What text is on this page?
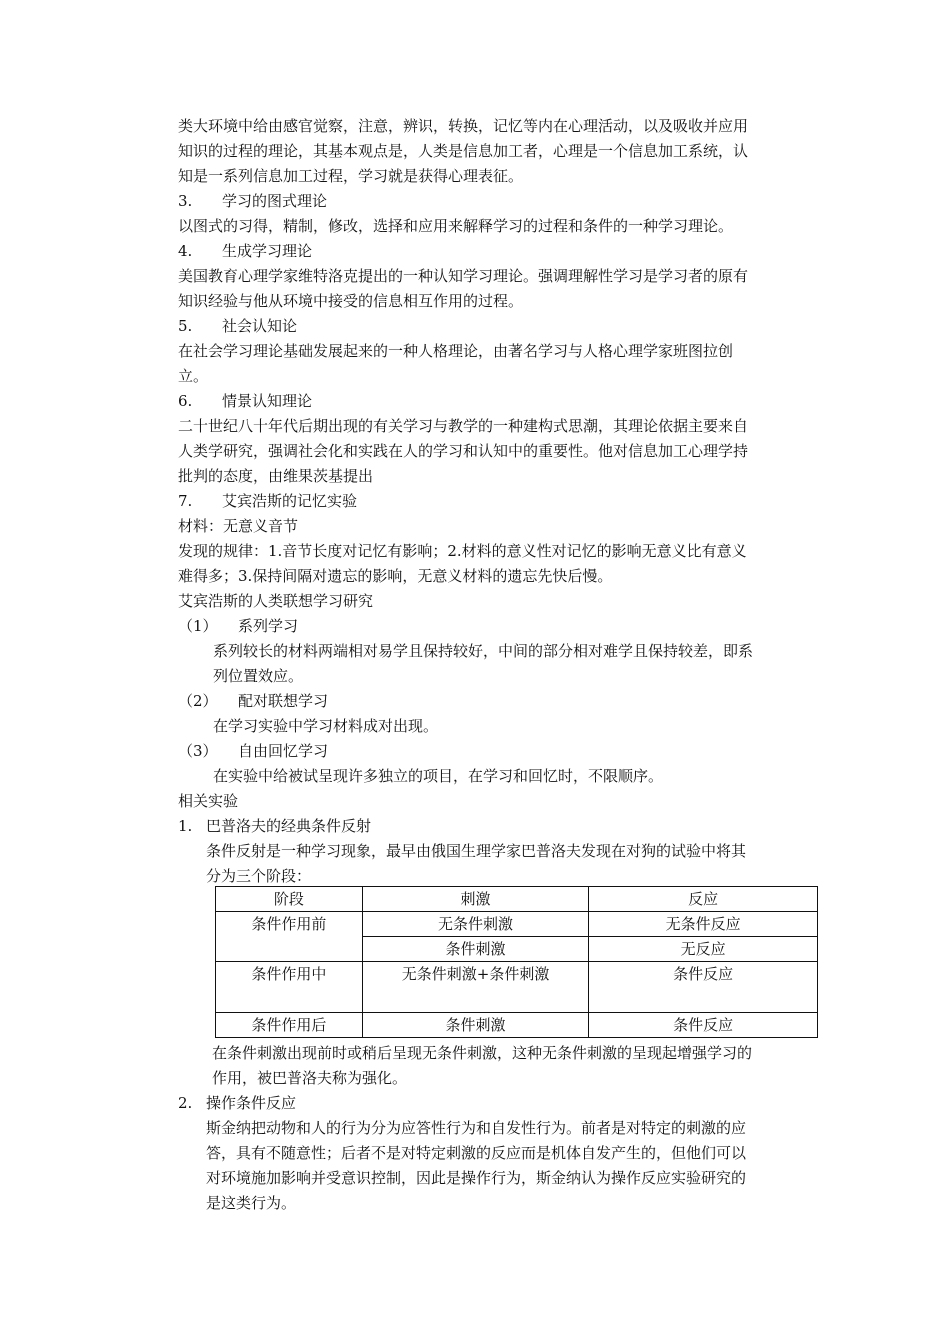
类大环境中给由感官觉察，注意，辨识，转换，记忆等内在心理活动，以及吸收并应用
知识的过程的理论，其基本观点是，人类是信息加工者，心理是一个信息加工系统，认
知是一系列信息加工过程，学习就是获得心理表征。
3. 学习的图式理论
以图式的习得，精制，修改，选择和应用来解释学习的过程和条件的一种学习理论。
4. 生成学习理论
美国教育心理学家维特洛克提出的一种认知学习理论。强调理解性学习是学习者的原有
知识经验与他从环境中接受的信息相互作用的过程。
5. 社会认知论
在社会学习理论基础发展起来的一种人格理论，由著名学习与人格心理学家班图拉创
立。
6. 情景认知理论
二十世纪八十年代后期出现的有关学习与教学的一种建构式思潮，其理论依据主要来自
人类学研究，强调社会化和实践在人的学习和认知中的重要性。他对信息加工心理学持
批判的态度，由维果茨基提出
7. 艾宾浩斯的记忆实验
材料：无意义音节
发现的规律：1.音节长度对记忆有影响；2.材料的意义性对记忆的影响无意义比有意义
难得多；3.保持间隔对遗忘的影响，无意义材料的遗忘先快后慢。
艾宾浩斯的人类联想学习研究
（1） 系列学习
系列较长的材料两端相对易学且保持较好，中间的部分相对难学且保持较差，即系
列位置效应。
（2） 配对联想学习
在学习实验中学习材料成对出现。
（3） 自由回忆学习
在实验中给被试呈现许多独立的项目，在学习和回忆时，不限顺序。
相关实验
1. 巴普洛夫的经典条件反射
条件反射是一种学习现象，最早由俄国生理学家巴普洛夫发现在对狗的试验中将其
分为三个阶段：
阶段	刺激	反应
条件作用前	无条件刺激	无条件反应
	条件刺激	无反应
条件作用中	无条件刺激+条件刺激	条件反应
条件作用后	条件刺激	条件反应
在条件刺激出现前时或稍后呈现无条件刺激，这种无条件刺激的呈现起增强学习的
作用，被巴普洛夫称为强化。
2. 操作条件反应
斯金纳把动物和人的行为分为应答性行为和自发性行为。前者是对特定的刺激的应
答，具有不随意性；后者不是对特定刺激的反应而是机体自发产生的，但他们可以
对环境施加影响并受意识控制，因此是操作行为，斯金纳认为操作反应实验研究的
是这类行为。
